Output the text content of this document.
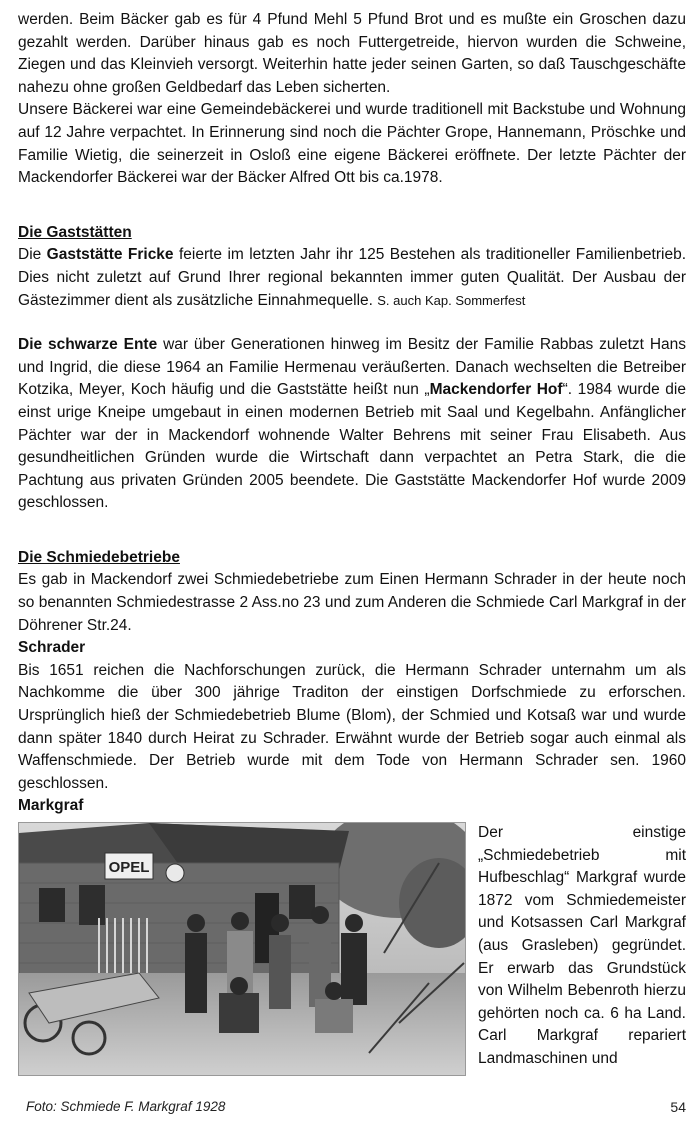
werden. Beim Bäcker gab es für 4 Pfund Mehl 5 Pfund Brot und es mußte ein Groschen dazu gezahlt werden. Darüber hinaus gab es noch Futtergetreide, hiervon wurden die Schweine, Ziegen und das Kleinvieh versorgt. Weiterhin hatte jeder seinen Garten, so daß Tauschgeschäfte nahezu ohne großen Geldbedarf das Leben sicherten.

Unsere Bäckerei war eine Gemeindebäckerei und wurde traditionell mit Backstube und Wohnung auf 12 Jahre verpachtet. In Erinnerung sind noch die Pächter Grope, Hannemann, Pröschke und Familie Wietig, die seinerzeit in Osloß eine eigene Bäckerei eröffnete. Der letzte Pächter der Mackendorfer Bäckerei war der Bäcker Alfred Ott bis ca.1978.

Die Gaststätten

Die Gaststätte Fricke feierte im letzten Jahr ihr 125 Bestehen als traditioneller Familienbetrieb. Dies nicht zuletzt auf Grund Ihrer regional bekannten immer guten Qualität. Der Ausbau der Gästezimmer dient als zusätzliche Einnahmequelle. S. auch Kap. Sommerfest

Die schwarze Ente war über Generationen hinweg im Besitz der Familie Rabbas zuletzt Hans und Ingrid, die diese 1964 an Familie Hermenau veräußerten. Danach wechselten die Betreiber Kotzika, Meyer, Koch häufig und die Gaststätte heißt nun „Mackendorfer Hof“. 1984 wurde die einst urige Kneipe umgebaut in einen modernen Betrieb mit Saal und Kegelbahn. Anfänglicher Pächter war der in Mackendorf wohnende Walter Behrens mit seiner Frau Elisabeth. Aus gesundheitlichen Gründen wurde die Wirtschaft dann verpachtet an Petra Stark, die die Pachtung aus privaten Gründen 2005 beendete. Die Gaststätte Mackendorfer Hof wurde 2009 geschlossen.

Die Schmiedebetriebe

Es gab in Mackendorf zwei Schmiedebetriebe zum Einen Hermann Schrader in der heute noch so benannten Schmiedestrasse 2 Ass.no 23 und zum Anderen die Schmiede Carl Markgraf in der Döhrener Str.24.

Schrader

Bis 1651 reichen die Nachforschungen zurück, die Hermann Schrader unternahm um als Nachkomme die über 300 jährige Traditon der einstigen Dorfschmiede zu erforschen. Ursprünglich hieß der Schmiedebetrieb Blume (Blom), der Schmied und Kotsaß war und wurde dann später 1840 durch Heirat zu Schrader. Erwähnt wurde der Betrieb sogar auch einmal als Waffenschmiede. Der Betrieb wurde mit dem Tode von Hermann Schrader sen. 1960 geschlossen.

Markgraf
OPEL

Der einstige „Schmiedebetrieb mit Hufbeschlag“ Markgraf wurde 1872 vom Schmiedemeister und Kotsassen Carl Markgraf (aus Grasleben) gegründet. Er erwarb das Grundstück von Wilhelm Bebenroth hierzu gehörten noch ca. 6 ha Land. Carl Markgraf repariert Landmaschinen und

Foto: Schmiede F. Markgraf 1928	54
